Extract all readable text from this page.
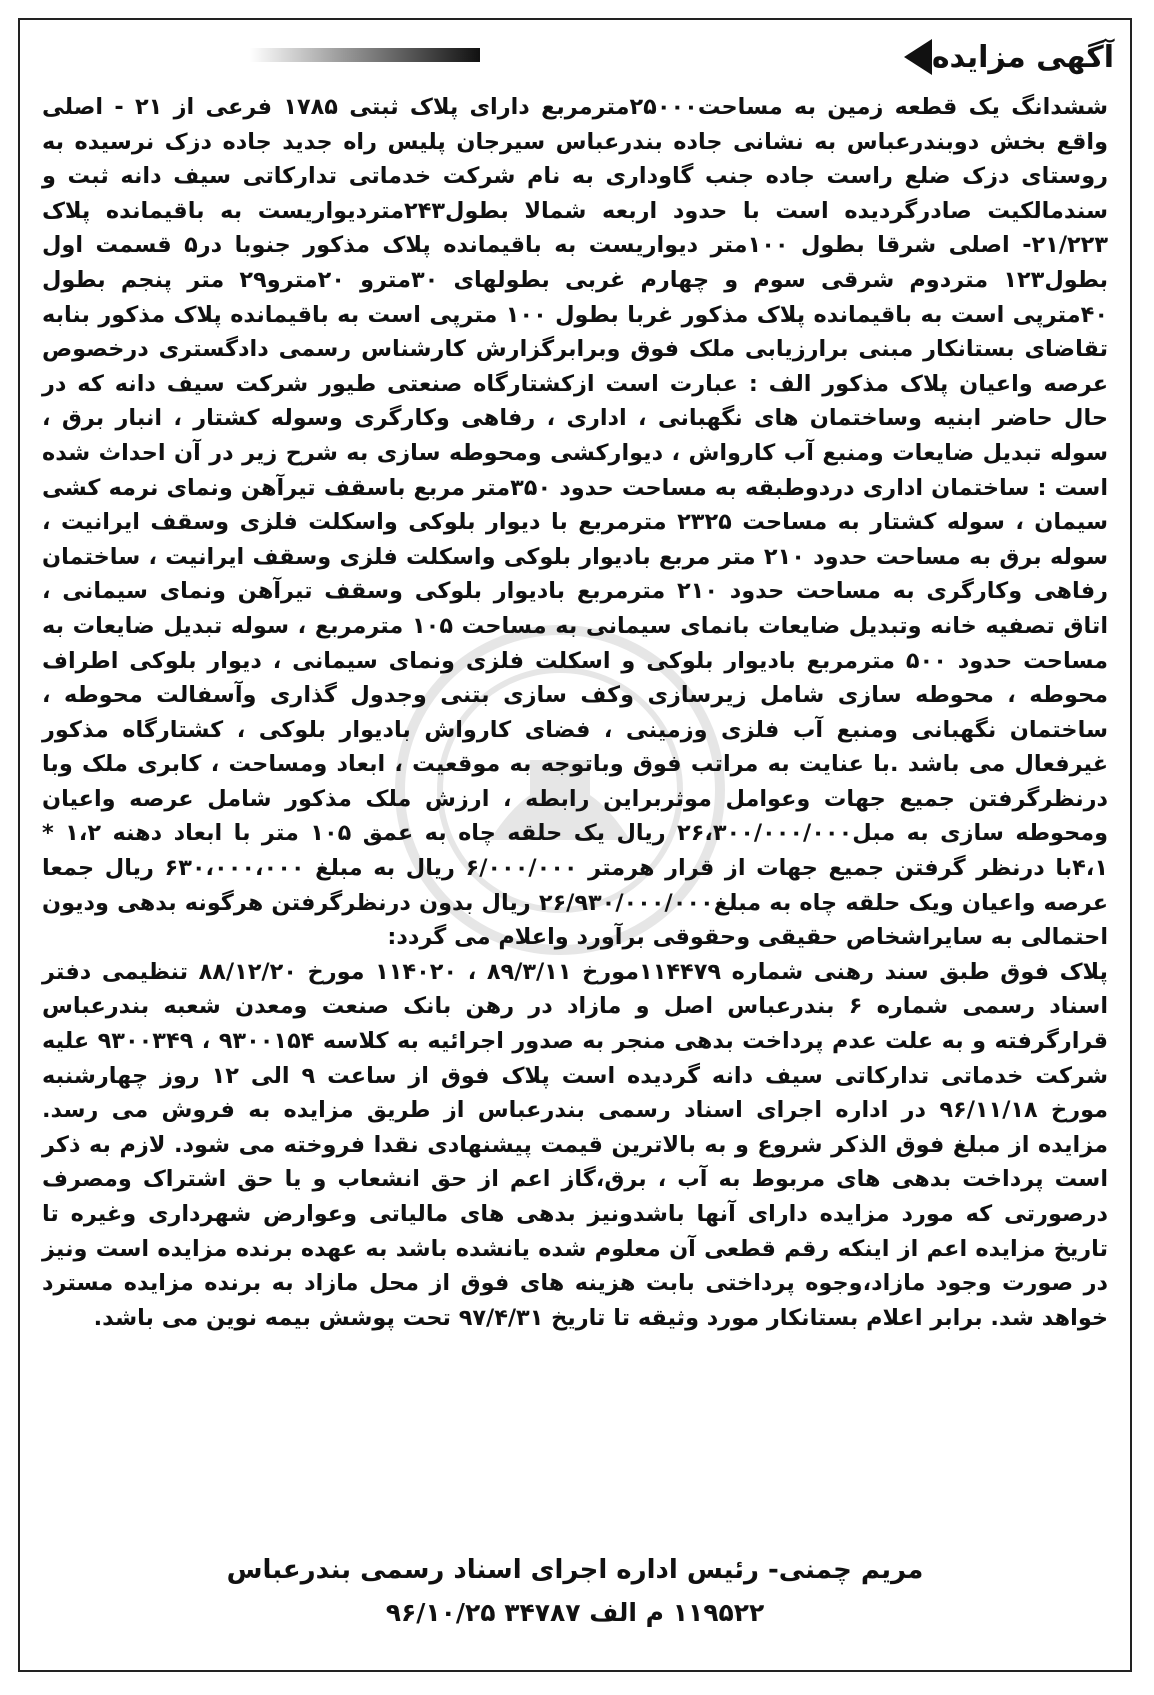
آگهی مزایده

ششدانگ یک قطعه زمین به مساحت۲۵۰۰۰مترمربع دارای پلاک ثبتی ۱۷۸۵ فرعی از ۲۱ - اصلی واقع بخش دوبندرعباس به نشانی جاده بندرعباس سیرجان پلیس راه جدید جاده دزک نرسیده به روستای دزک ضلع راست جاده جنب گاوداری به نام شرکت خدماتی تدارکاتی سیف دانه ثبت و سندمالکیت صادرگردیده است با حدود اربعه شمالا بطول۲۴۳متردیواریست به باقیمانده پلاک ۲۱/۲۲۳- اصلی شرقا بطول ۱۰۰متر دیواریست به باقیمانده پلاک مذکور جنوبا در۵ قسمت اول بطول۱۲۳ متردوم شرقی سوم و چهارم غربی بطولهای ۳۰مترو ۲۰مترو۲۹ متر پنجم بطول ۴۰مترپی است به باقیمانده پلاک مذکور غربا بطول ۱۰۰ مترپی است به باقیمانده پلاک مذکور بنابه تقاضای بستانکار مبنی برارزیابی ملک فوق وبرابرگزارش کارشناس رسمی دادگستری درخصوص عرصه واعیان پلاک مذکور الف : عبارت است ازکشتارگاه صنعتی طیور شرکت سیف دانه که در حال حاضر ابنیه وساختمان های نگهبانی ، اداری ، رفاهی وکارگری وسوله کشتار ، انبار برق ، سوله تبدیل ضایعات ومنبع آب کارواش ، دیوارکشی ومحوطه سازی به شرح زیر در آن احداث شده است : ساختمان اداری دردوطبقه به مساحت حدود ۳۵۰متر مربع باسقف تیرآهن ونمای نرمه کشی سیمان ، سوله کشتار به مساحت ۲۳۲۵ مترمربع با دیوار بلوکی واسکلت فلزی وسقف ایرانیت ، سوله برق به مساحت حدود ۲۱۰ متر مربع بادیوار بلوکی واسکلت فلزی وسقف ایرانیت ، ساختمان رفاهی وکارگری به مساحت حدود ۲۱۰ مترمربع بادیوار بلوکی وسقف تیرآهن ونمای سیمانی ، اتاق تصفیه خانه وتبدیل ضایعات بانمای سیمانی به مساحت ۱۰۵ مترمربع ، سوله تبدیل ضایعات به مساحت حدود ۵۰۰ مترمربع بادیوار بلوکی و اسکلت فلزی ونمای سیمانی ، دیوار بلوکی اطراف محوطه ، محوطه سازی شامل زیرسازی وکف سازی بتنی وجدول گذاری وآسفالت محوطه ، ساختمان نگهبانی ومنبع آب فلزی وزمینی ، فضای کارواش بادیوار بلوکی ، کشتارگاه مذکور غیرفعال می باشد .با عنایت به مراتب فوق وباتوجه به موقعیت ، ابعاد ومساحت ، کابری ملک وبا درنظرگرفتن جمیع جهات وعوامل موثربراین رابطه ، ارزش ملک مذکور شامل عرصه واعیان ومحوطه سازی به مبل۲۶،۳۰۰/۰۰۰/۰۰۰ ریال یک حلقه چاه به عمق ۱۰۵ متر با ابعاد دهنه ۱،۲ * ۴،۱با درنظر گرفتن جمیع جهات از قرار هرمتر ۶/۰۰۰/۰۰۰ ریال به مبلغ ۶۳۰،۰۰۰،۰۰۰ ریال جمعا عرصه واعیان ویک حلقه چاه به مبلغ۲۶/۹۳۰/۰۰۰/۰۰۰ ریال بدون درنظرگرفتن هرگونه بدهی ودیون احتمالی به سایراشخاص حقیقی وحقوقی برآورد واعلام می گردد:

پلاک فوق طبق سند رهنی شماره ۱۱۴۴۷۹مورخ ۸۹/۳/۱۱ ، ۱۱۴۰۲۰ مورخ ۸۸/۱۲/۲۰ تنظیمی دفتر اسناد رسمی شماره ۶ بندرعباس اصل و مازاد در رهن بانک صنعت ومعدن شعبه بندرعباس قرارگرفته و به علت عدم پرداخت بدهی منجر به صدور اجرائیه به کلاسه ۹۳۰۰۱۵۴ ، ۹۳۰۰۳۴۹ علیه شرکت خدماتی تدارکاتی سیف دانه گردیده است پلاک فوق از ساعت ۹ الی ۱۲ روز چهارشنبه مورخ ۹۶/۱۱/۱۸ در اداره اجرای اسناد رسمی بندرعباس از طریق مزایده به فروش می رسد. مزایده از مبلغ فوق الذکر شروع و به بالاترین قیمت پیشنهادی نقدا فروخته می شود. لازم به ذکر است پرداخت بدهی های مربوط به آب ، برق،گاز اعم از حق انشعاب و یا حق اشتراک ومصرف درصورتی که مورد مزایده دارای آنها باشدونیز بدهی های مالیاتی وعوارض شهرداری وغیره تا تاریخ مزایده اعم از اینکه رقم قطعی آن معلوم شده یانشده باشد به عهده برنده مزایده است ونیز در صورت وجود مازاد،وجوه پرداختی بابت هزینه های فوق از محل مازاد به برنده مزایده مسترد خواهد شد. برابر اعلام بستانکار مورد وثیقه تا تاریخ ۹۷/۴/۳۱ تحت پوشش بیمه نوین می باشد.

مریم چمنی- رئیس اداره اجرای اسناد رسمی بندرعباس
۱۱۹۵۲۲ م الف ۳۴۷۸۷ ۹۶/۱۰/۲۵
